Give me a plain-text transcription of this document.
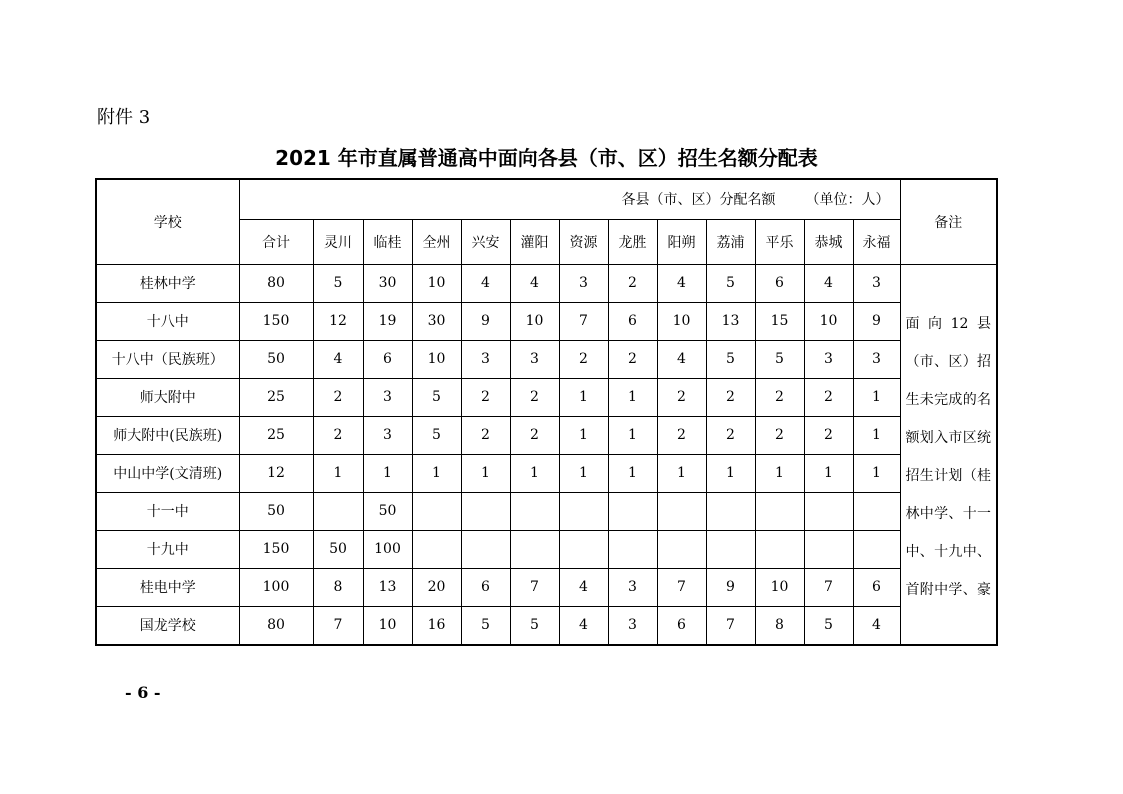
附件 3
2021 年市直属普通高中面向各县（市、区）招生名额分配表
学校	各县（市、区）分配名额 （单位：人）													备注
	合计	灵川	临桂	全州	兴安	灌阳	资源	龙胜	阳朔	荔浦	平乐	恭城	永福	
桂林中学	80	5	30	10	4	4	3	2	4	5	6	4	3	面向12县（市、区）招生未完成的名额划入市区统招生计划（桂林中学、十一中、十九中、首附中学、豪
十八中	150	12	19	30	9	10	7	6	10	13	15	10	9	
十八中（民族班）	50	4	6	10	3	3	2	2	4	5	5	3	3	
师大附中	25	2	3	5	2	2	1	1	2	2	2	2	1	
师大附中(民族班)	25	2	3	5	2	2	1	1	2	2	2	2	1	
中山中学(文清班)	12	1	1	1	1	1	1	1	1	1	1	1	1	
十一中	50		50											
十九中	150	50	100											
桂电中学	100	8	13	20	6	7	4	3	7	9	10	7	6	
国龙学校	80	7	10	16	5	5	4	3	6	7	8	5	4	
- 6 -
